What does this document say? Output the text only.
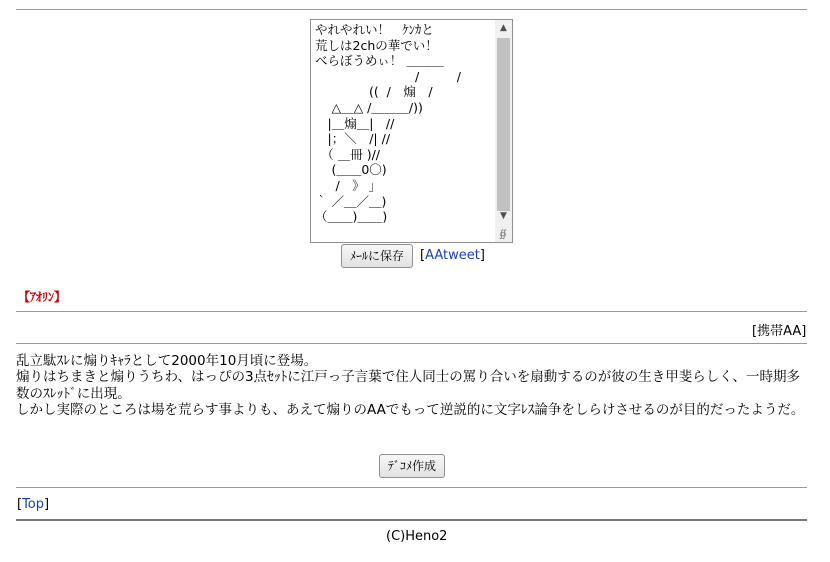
やれやれい！　ｹﾝｶと
荒しは2chの華でい！
べらぼうめぃ！ ＿＿＿
　　　　　　　　/　　　/
　　　　 ((  /　煽　/
　 △＿△ /＿＿＿/))
　|＿煽＿|　//
　|；＼　/| //
　（ ＿冊 )//
　 (＿＿0〇)
　  /　》 ｣
｀ ／＿／＿)
（＿＿)＿＿)
▲
▼
∯
ﾒｰﾙに保存	[AAtweet]
【ｱｵﾘﾝ】
[携帯AA]

乱立駄ｽﾚに煽りｷｬﾗとして2000年10月頃に登場。

煽りはちまきと煽りうちわ、はっぴの3点ｾｯﾄに江戸っ子言葉で住人同士の罵り合いを扇動するのが彼の生き甲斐らしく、一時期多数のｽﾚｯﾄﾞに出現。

しかし実際のところは場を荒らす事よりも、あえて煽りのAAでもって逆説的に文字ﾚｽ論争をしらけさせるのが目的だったようだ。

ﾃﾞｺﾒ作成
[Top]
(C)Heno2
